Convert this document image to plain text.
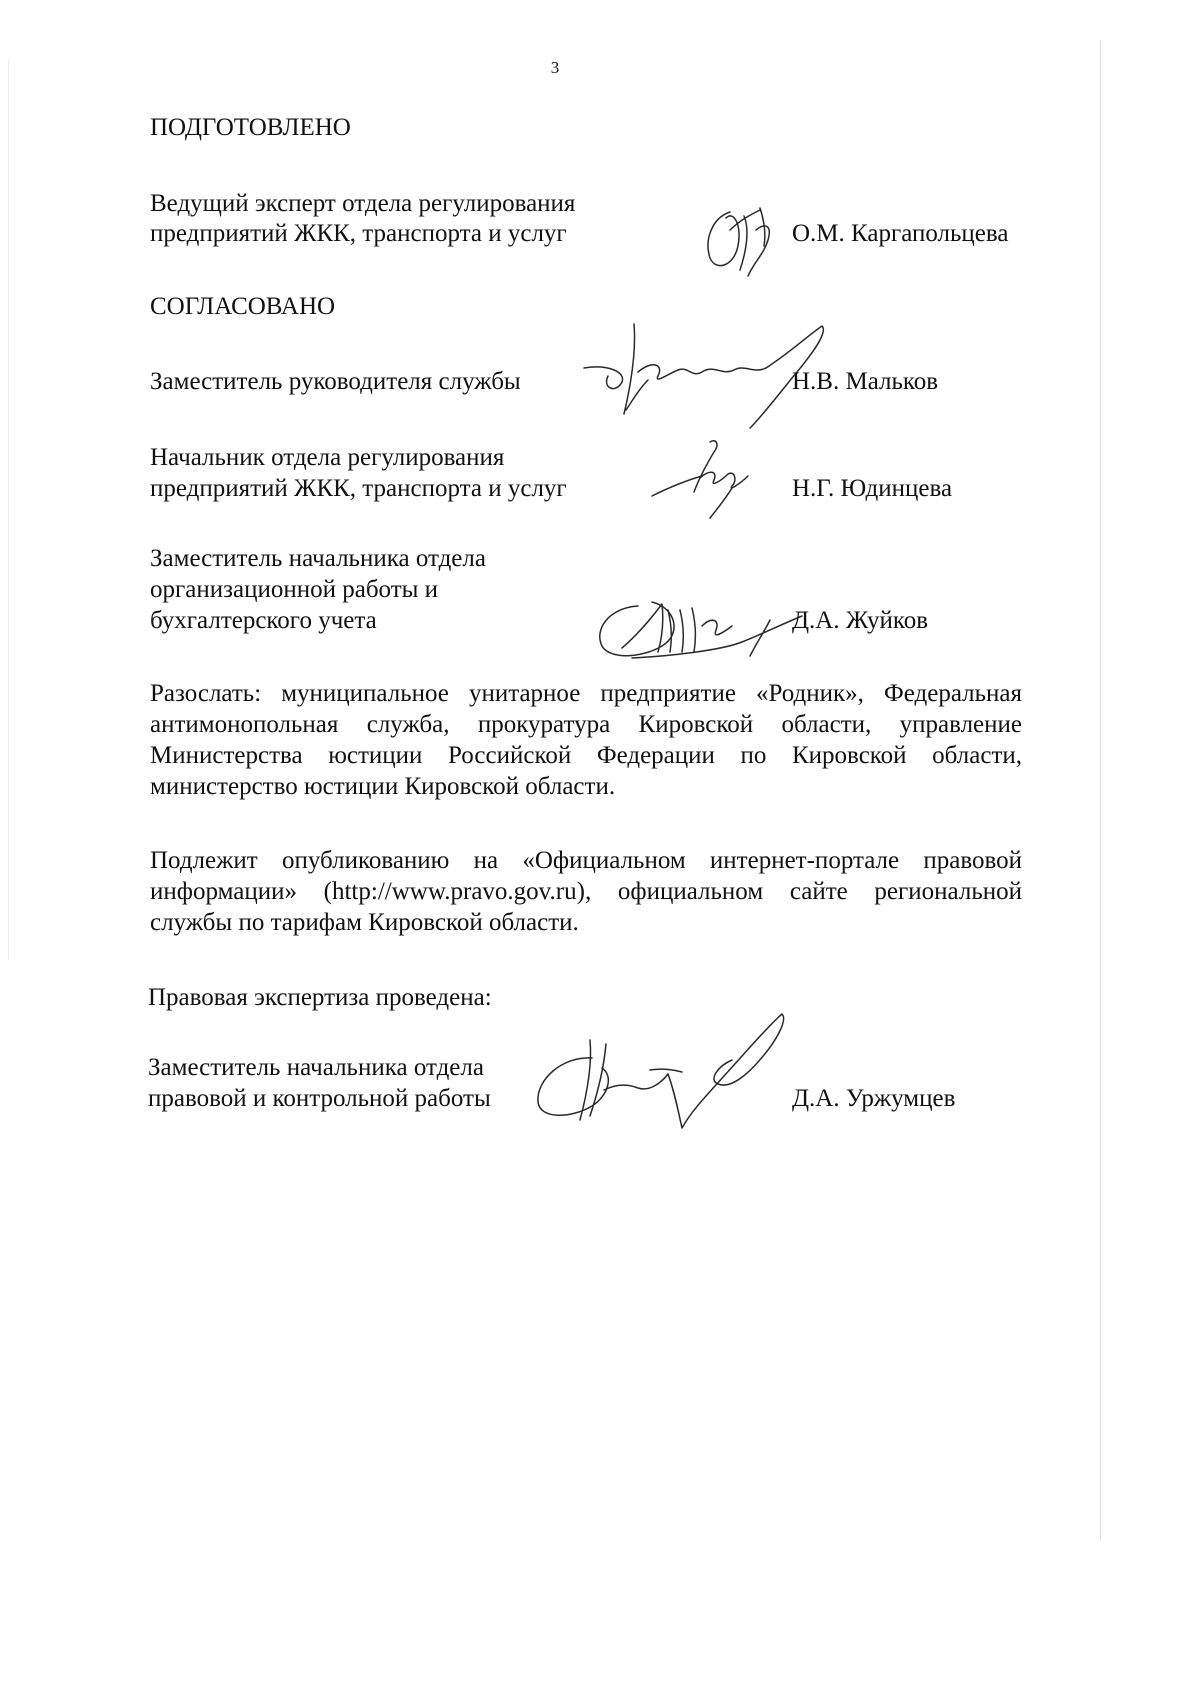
3
ПОДГОТОВЛЕНО
Ведущий эксперт отдела регулирования
предприятий ЖКК, транспорта и услуг	О.М. Каргапольцева
СОГЛАСОВАНО
Заместитель руководителя службы	Н.В. Мальков
Начальник отдела регулирования
предприятий ЖКК, транспорта и услуг	Н.Г. Юдинцева
Заместитель начальника отдела
организационной работы и
бухгалтерского учета	Д.А. Жуйков
Разослать: муниципальное унитарное предприятие «Родник», Федеральная
антимонопольная служба, прокуратура Кировской области, управление
Министерства юстиции Российской Федерации по Кировской области,
министерство юстиции Кировской области.
Подлежит опубликованию на «Официальном интернет-портале правовой
информации» (http://www.pravo.gov.ru), официальном сайте региональной
службы по тарифам Кировской области.
Правовая экспертиза проведена:
Заместитель начальника отдела
правовой и контрольной работы	Д.А. Уржумцев
